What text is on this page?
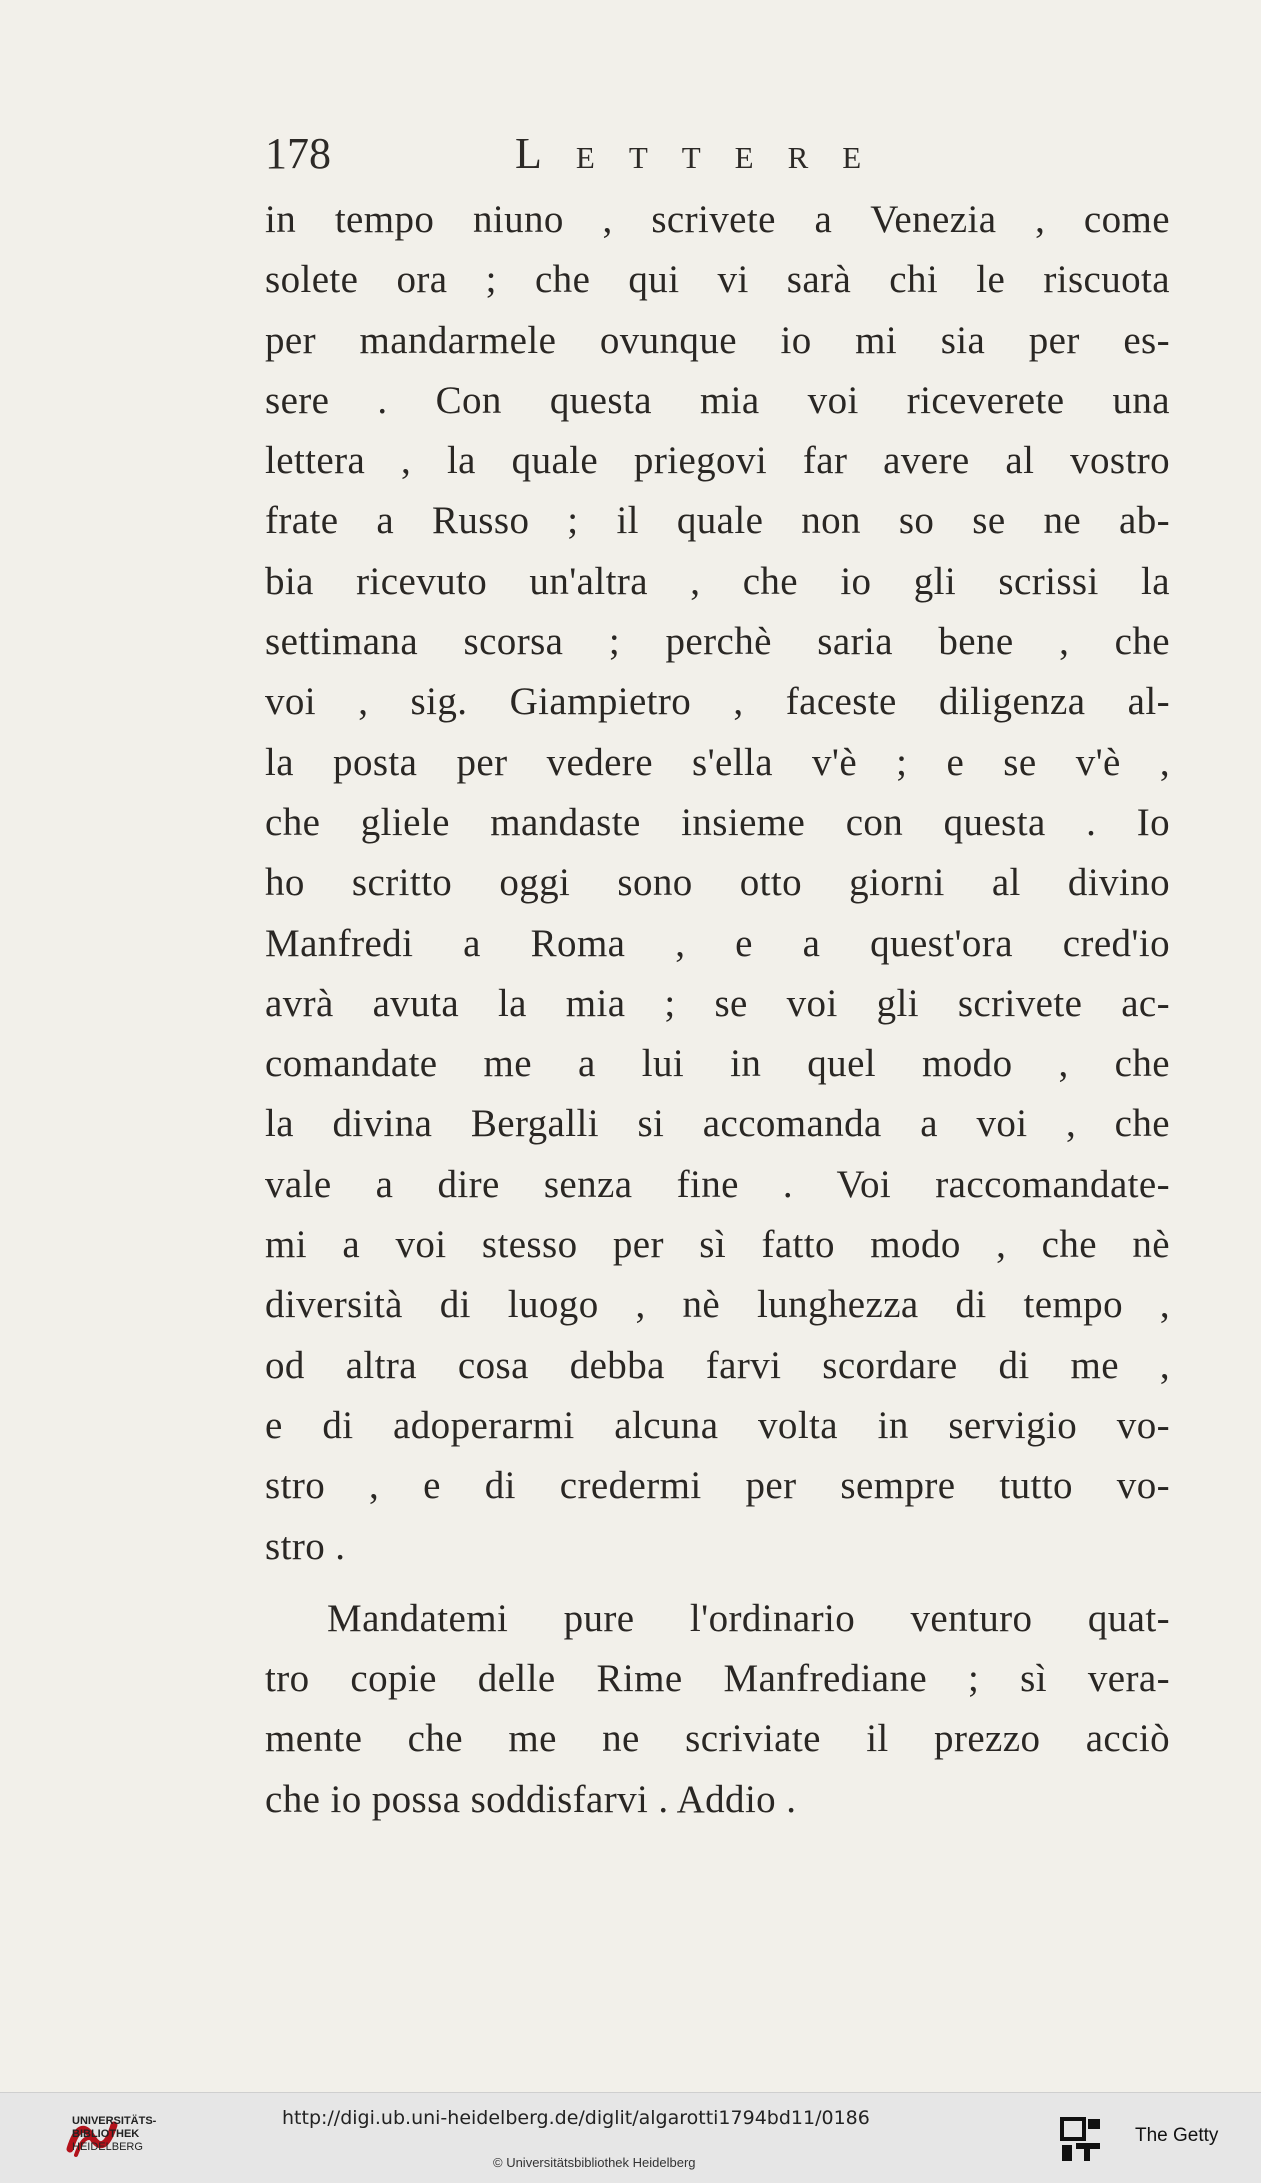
178	Lettere
in tempo niuno , scrivete a Venezia , come
solete ora ; che qui vi sarà chi le riscuota
per mandarmele ovunque io mi sia per es-
sere . Con questa mia voi riceverete una
lettera , la quale priegovi far avere al vostro
frate a Russo ; il quale non so se ne ab-
bia ricevuto un'altra , che io gli scrissi la
settimana scorsa ; perchè saria bene , che
voi , sig. Giampietro , faceste diligenza al-
la posta per vedere s'ella v'è ; e se v'è ,
che gliele mandaste insieme con questa . Io
ho scritto oggi sono otto giorni al divino
Manfredi a Roma , e a quest'ora cred'io
avrà avuta la mia ; se voi gli scrivete ac-
comandate me a lui in quel modo , che
la divina Bergalli si accomanda a voi , che
vale a dire senza fine . Voi raccomandate-
mi a voi stesso per sì fatto modo , che nè
diversità di luogo , nè lunghezza di tempo ,
od altra cosa debba farvi scordare di me ,
e di adoperarmi alcuna volta in servigio vo-
stro , e di credermi per sempre tutto vo-
stro .
Mandatemi pure l'ordinario venturo quat-
tro copie delle Rime Manfrediane ; sì vera-
mente che me ne scriviate il prezzo acciò
che io possa soddisfarvi . Addio .
UNIVERSITÄTS-
BIBLIOTHEK
HEIDELBERG
http://digi.ub.uni-heidelberg.de/diglit/algarotti1794bd11/0186
© Universitätsbibliothek Heidelberg
The Getty
